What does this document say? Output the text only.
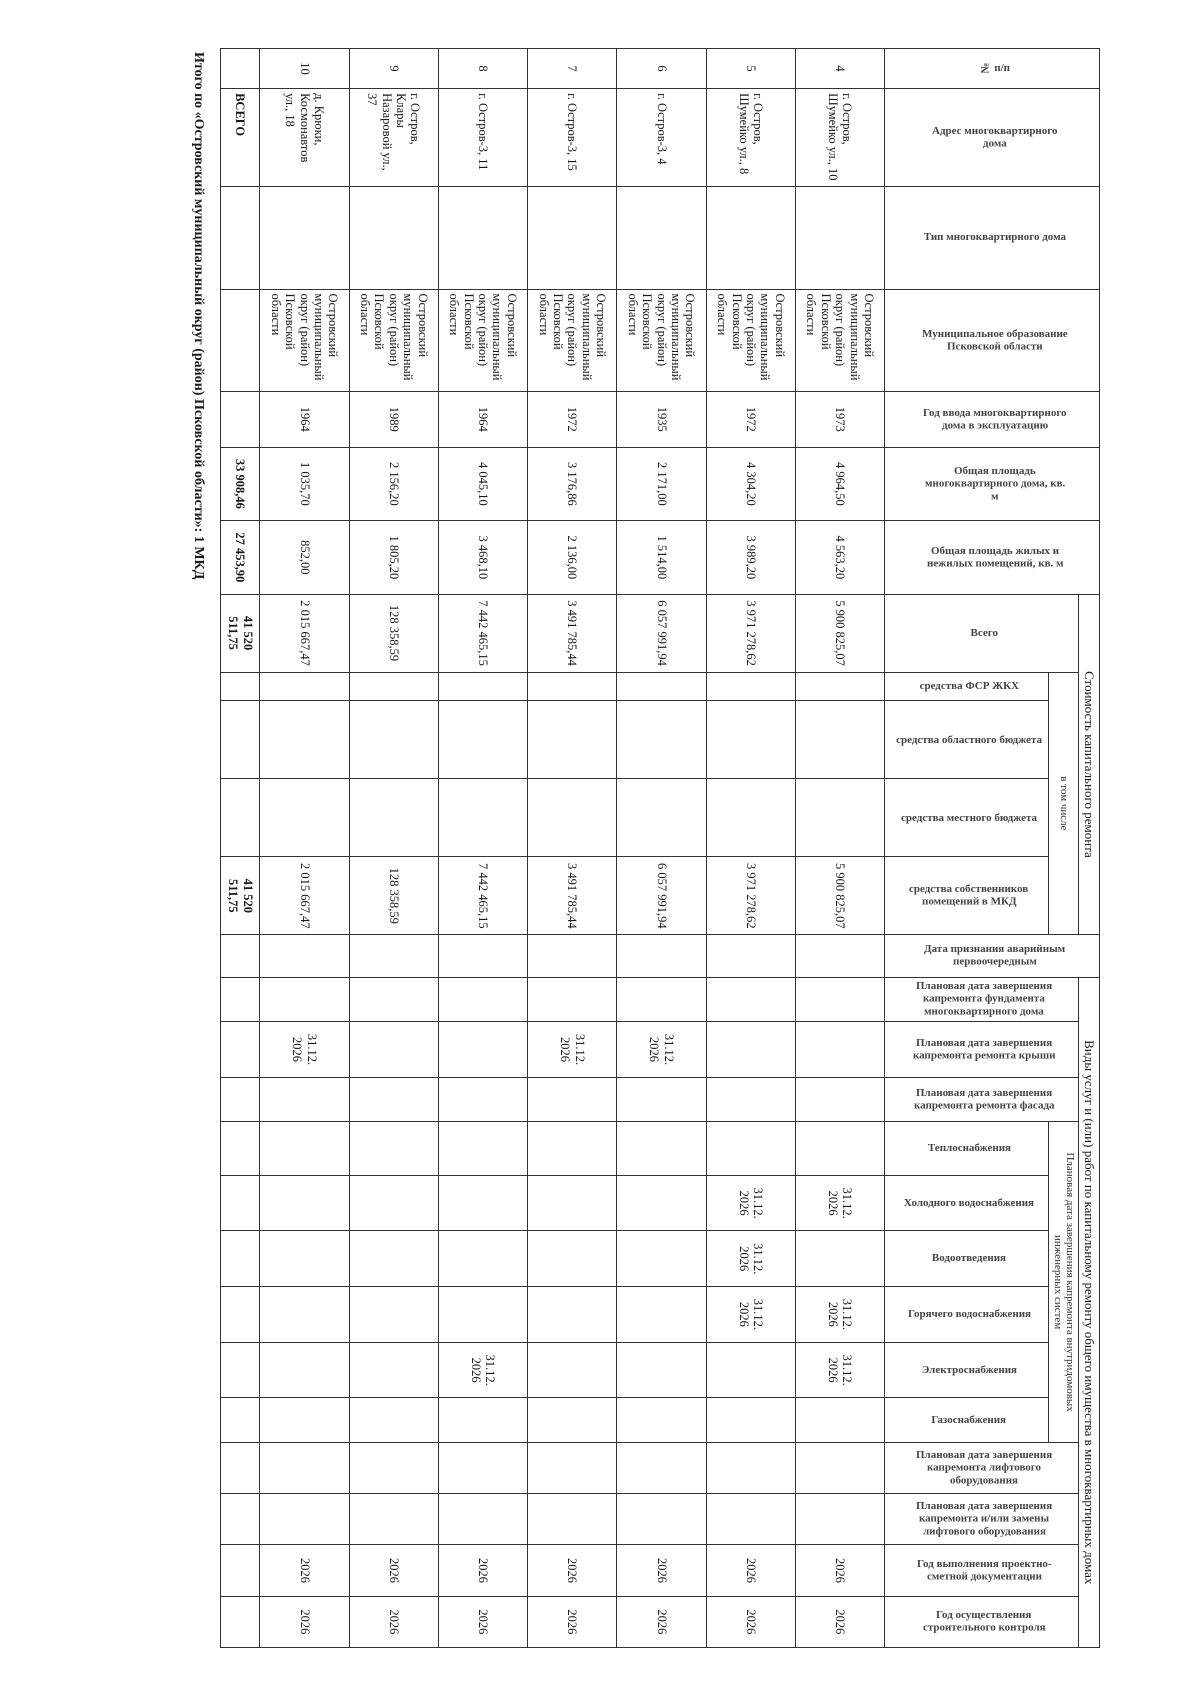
№ п/п	Адрес многоквартирного дома	Тип многоквартирного дома	Муниципальное образование Псковской области	Год ввода многоквартирного дома в эксплуатацию	Общая площадь многоквартирного дома, кв. м	Общая площадь жилых и нежилых помещений, кв. м	Стоимость капитального ремонта					Дата признания аварийным первоочередным	Виды услуг и (или) работ по капитальному ремонту общего имущества в многоквартирных домах												
							Всего	в том числе					Плановая дата завершения капремонта фундамента многоквартирного дома	Плановая дата завершения капремонта ремонта крыши	Плановая дата завершения капремонта ремонта фасада	Плановая дата завершения капремонта внутридомовых инженерных систем						Плановая дата завершения капремонта лифтового оборудования	Плановая дата завершения капремонта и/или замены лифтового оборудования	Год выполнения проектно-сметной документации	Год осуществления строительного контроля
								средства ФСР ЖКХ	средства областного бюджета	средства местного бюджета	средства собственников помещений в МКД					Теплоснабжения	Холодного водоснабжения	Водоотведения	Горячего водоснабжения	Электроснабжения	Газоснабжения				
4	г. Остров, Шумейко ул., 10		Островский муниципальный округ (район) Псковской области	1973	4 964,50	4 563,20	5 900 825,07				5 900 825,07						31.12. 2026		31.12. 2026	31.12. 2026				2026	2026
5	г. Остров, Шумейко ул., 8		Островский муниципальный округ (район) Псковской области	1972	4 304,20	3 989,20	3 971 278,62				3 971 278,62						31.12. 2026	31.12. 2026	31.12. 2026					2026	2026
6	г. Остров-3, 4		Островский муниципальный округ (район) Псковской области	1935	2 171,00	1 514,00	6 057 991,94				6 057 991,94			31.12. 2026										2026	2026
7	г. Остров-3, 15		Островский муниципальный округ (район) Псковской области	1972	3 176,86	2 136,00	3 491 785,44				3 491 785,44			31.12. 2026										2026	2026
8	г. Остров-3, 11		Островский муниципальный округ (район) Псковской области	1964	4 045,10	3 468,10	7 442 465,15				7 442 465,15									31.12. 2026				2026	2026
9	г. Остров, Клары Назаровой ул., 37		Островский муниципальный округ (район) Псковской области	1989	2 156,20	1 805,20	128 358,59				128 358,59													2026	2026
10	д. Крюки, Космонавтов ул., 18		Островский муниципальный округ (район) Псковской области	1964	1 035,70	852,00	2 015 667,47				2 015 667,47			31.12. 2026										2026	2026
	ВСЕГО				33 908,46	27 453,90	41 520 511,75				41 520 511,75														
Итого по «Островский муниципальный округ (район) Псковской области»: 1 МКД
